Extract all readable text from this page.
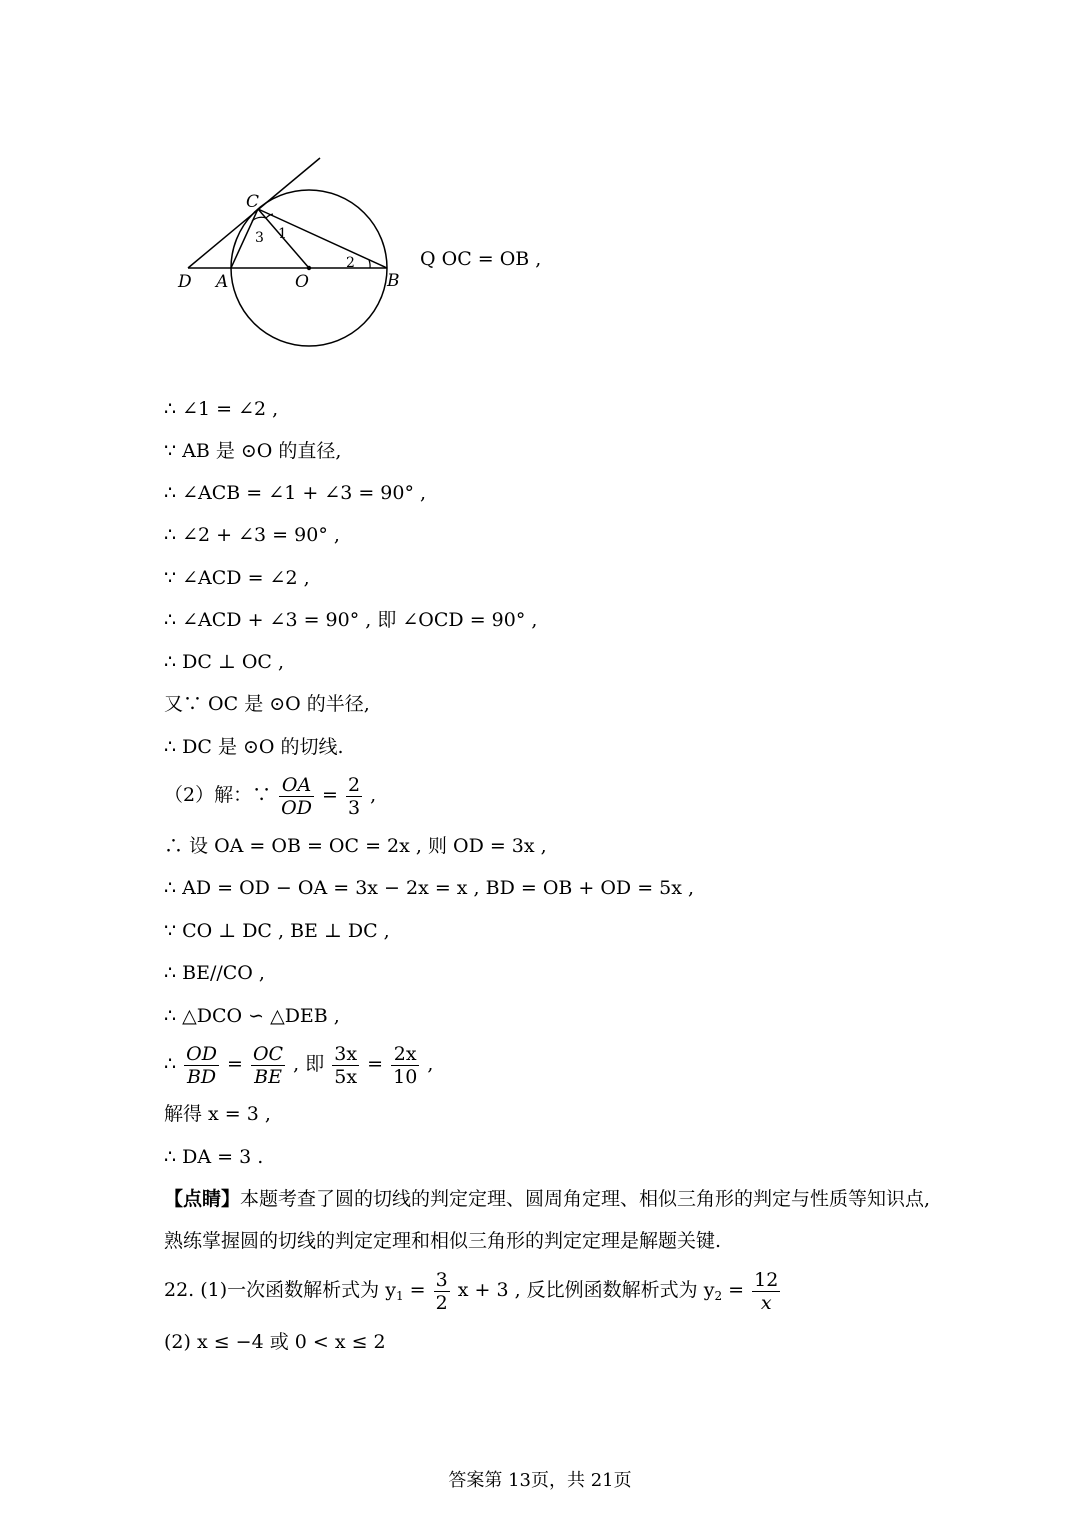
C
D A	O	B
1
2
3
Q OC = OB ,
∴ ∠1 = ∠2 ,
∵ AB 是 ⊙O 的直径,
∴ ∠ACB = ∠1 + ∠3 = 90° ,
∴ ∠2 + ∠3 = 90° ,
∵ ∠ACD = ∠2 ,
∴ ∠ACD + ∠3 = 90° , 即 ∠OCD = 90° ,
∴ DC ⊥ OC ,
又∵ OC 是 ⊙O 的半径,
∴ DC 是 ⊙O 的切线.
（2）解：∵ $\frac{OA}{OD} = \frac{2}{3}$ ,
∴ 设 OA = OB = OC = 2x , 则 OD = 3x ,
∴ AD = OD − OA = 3x − 2x = x , BD = OB + OD = 5x ,
∵ CO ⊥ DC , BE ⊥ DC ,
∴ BE//CO ,
∴ △DCO ∽ △DEB ,
∴ $\frac{OD}{BD} = \frac{OC}{BE}$ , 即 $\frac{3x}{5x} = \frac{2x}{10}$ ,
解得 x = 3 ,
∴ DA = 3 .
【点睛】本题考查了圆的切线的判定定理、圆周角定理、相似三角形的判定与性质等知识点,
熟练掌握圆的切线的判定定理和相似三角形的判定定理是解题关键.
22. (1)一次函数解析式为 $y_1 = \frac{3}{2}$ x + 3 , 反比例函数解析式为 $y_2 = \frac{12}{x}$
(2) x ≤ −4 或 0 < x ≤ 2
答案第 13页，共 21页
